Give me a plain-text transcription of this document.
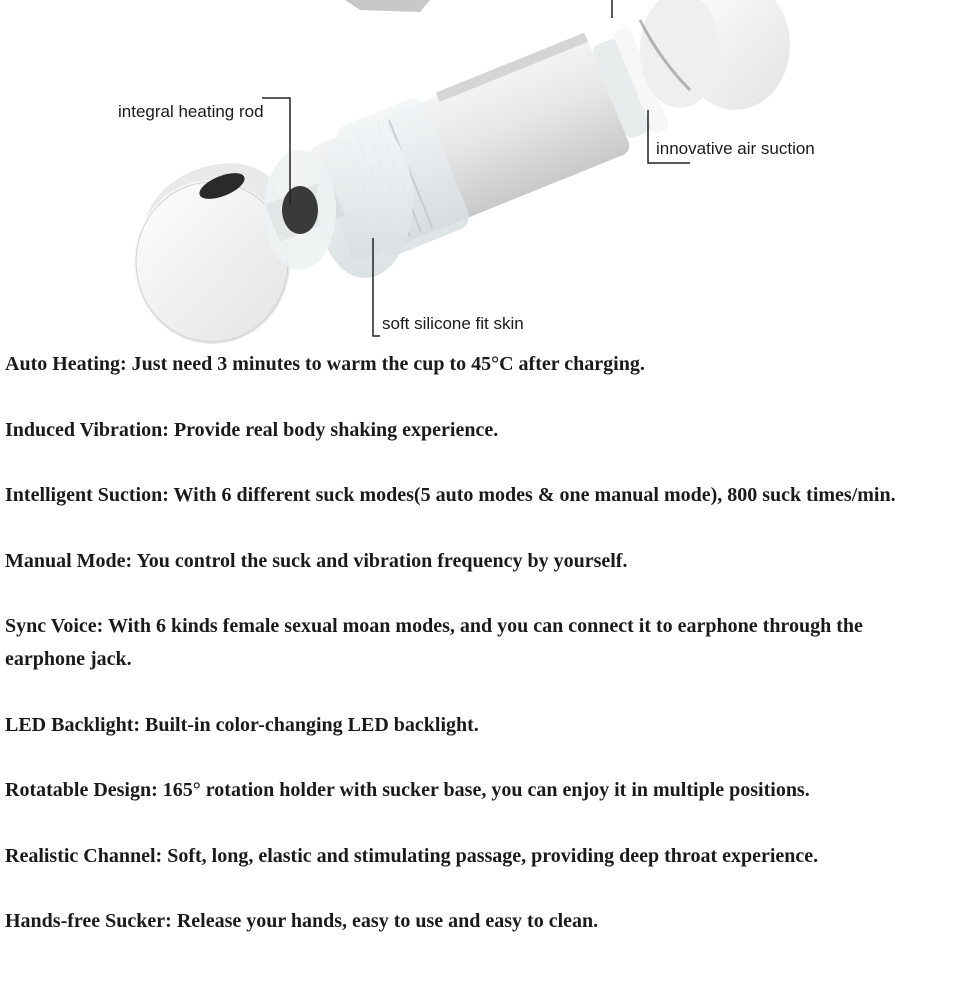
integral heating rod
innovative air suction
soft silicone fit skin
Auto Heating: Just need 3 minutes to warm the cup to 45°C after charging.
Induced Vibration: Provide real body shaking experience.
Intelligent Suction: With 6 different suck modes(5 auto modes & one manual mode), 800 suck times/min.
Manual Mode: You control the suck and vibration frequency by yourself.
Sync Voice: With 6 kinds female sexual moan modes, and you can connect it to earphone through the earphone jack.
LED Backlight: Built-in color-changing LED backlight.
Rotatable Design: 165° rotation holder with sucker base, you can enjoy it in multiple positions.
Realistic Channel: Soft, long, elastic and stimulating passage, providing deep throat experience.
Hands-free Sucker: Release your hands, easy to use and easy to clean.
